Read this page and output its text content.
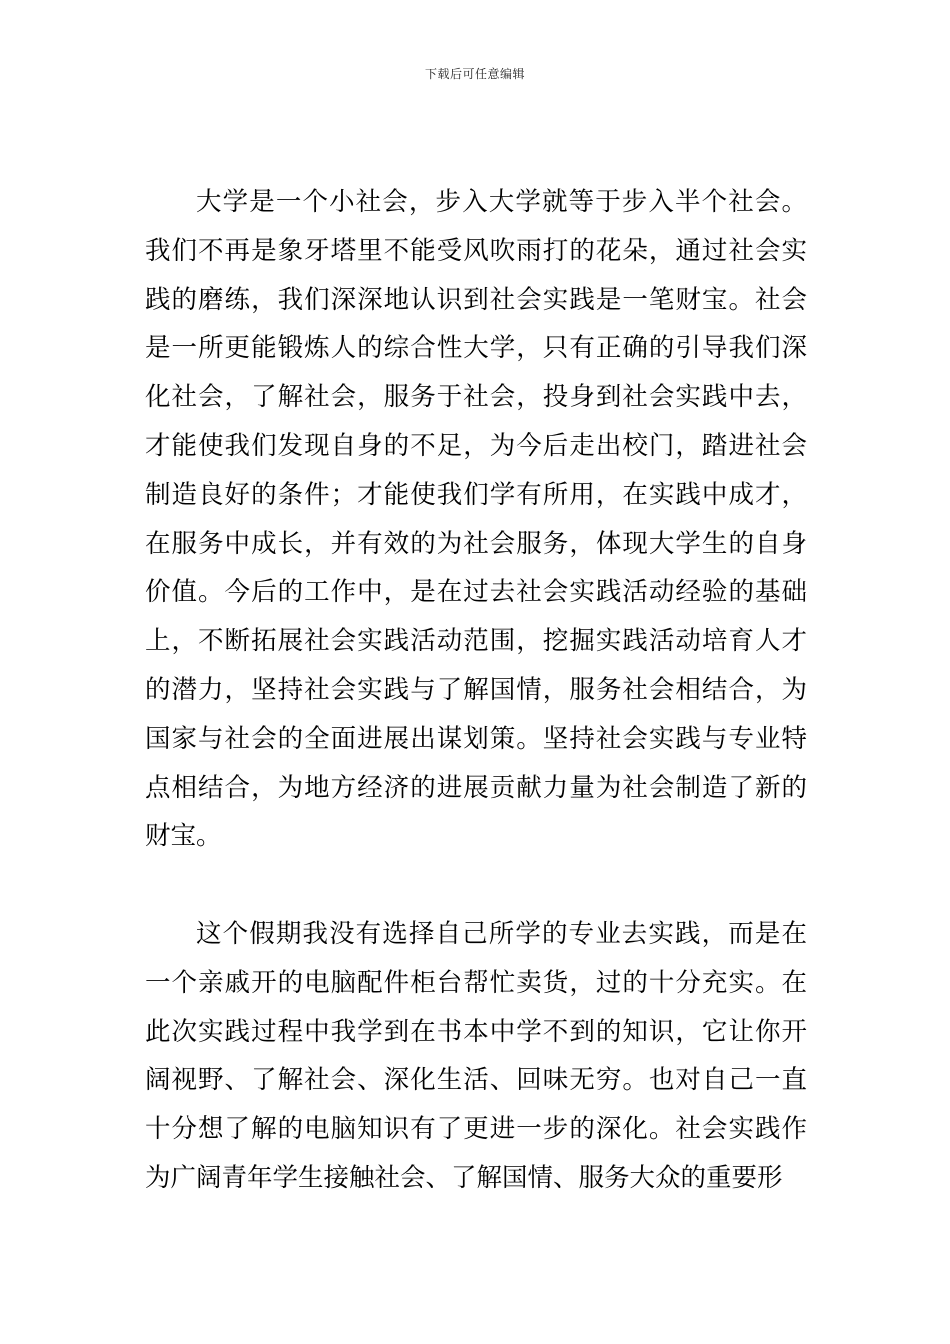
下载后可任意编辑

大学是一个小社会，步入大学就等于步入半个社会。我们不再是象牙塔里不能受风吹雨打的花朵，通过社会实践的磨练，我们深深地认识到社会实践是一笔财宝。社会是一所更能锻炼人的综合性大学，只有正确的引导我们深化社会，了解社会，服务于社会，投身到社会实践中去，才能使我们发现自身的不足，为今后走出校门，踏进社会制造良好的条件；才能使我们学有所用，在实践中成才，在服务中成长，并有效的为社会服务，体现大学生的自身价值。今后的工作中，是在过去社会实践活动经验的基础上，不断拓展社会实践活动范围，挖掘实践活动培育人才的潜力，坚持社会实践与了解国情，服务社会相结合，为国家与社会的全面进展出谋划策。坚持社会实践与专业特点相结合，为地方经济的进展贡献力量为社会制造了新的财宝。

这个假期我没有选择自己所学的专业去实践，而是在一个亲戚开的电脑配件柜台帮忙卖货，过的十分充实。在此次实践过程中我学到在书本中学不到的知识，它让你开阔视野、了解社会、深化生活、回味无穷。也对自己一直十分想了解的电脑知识有了更进一步的深化。社会实践作为广阔青年学生接触社会、了解国情、服务大众的重要形
